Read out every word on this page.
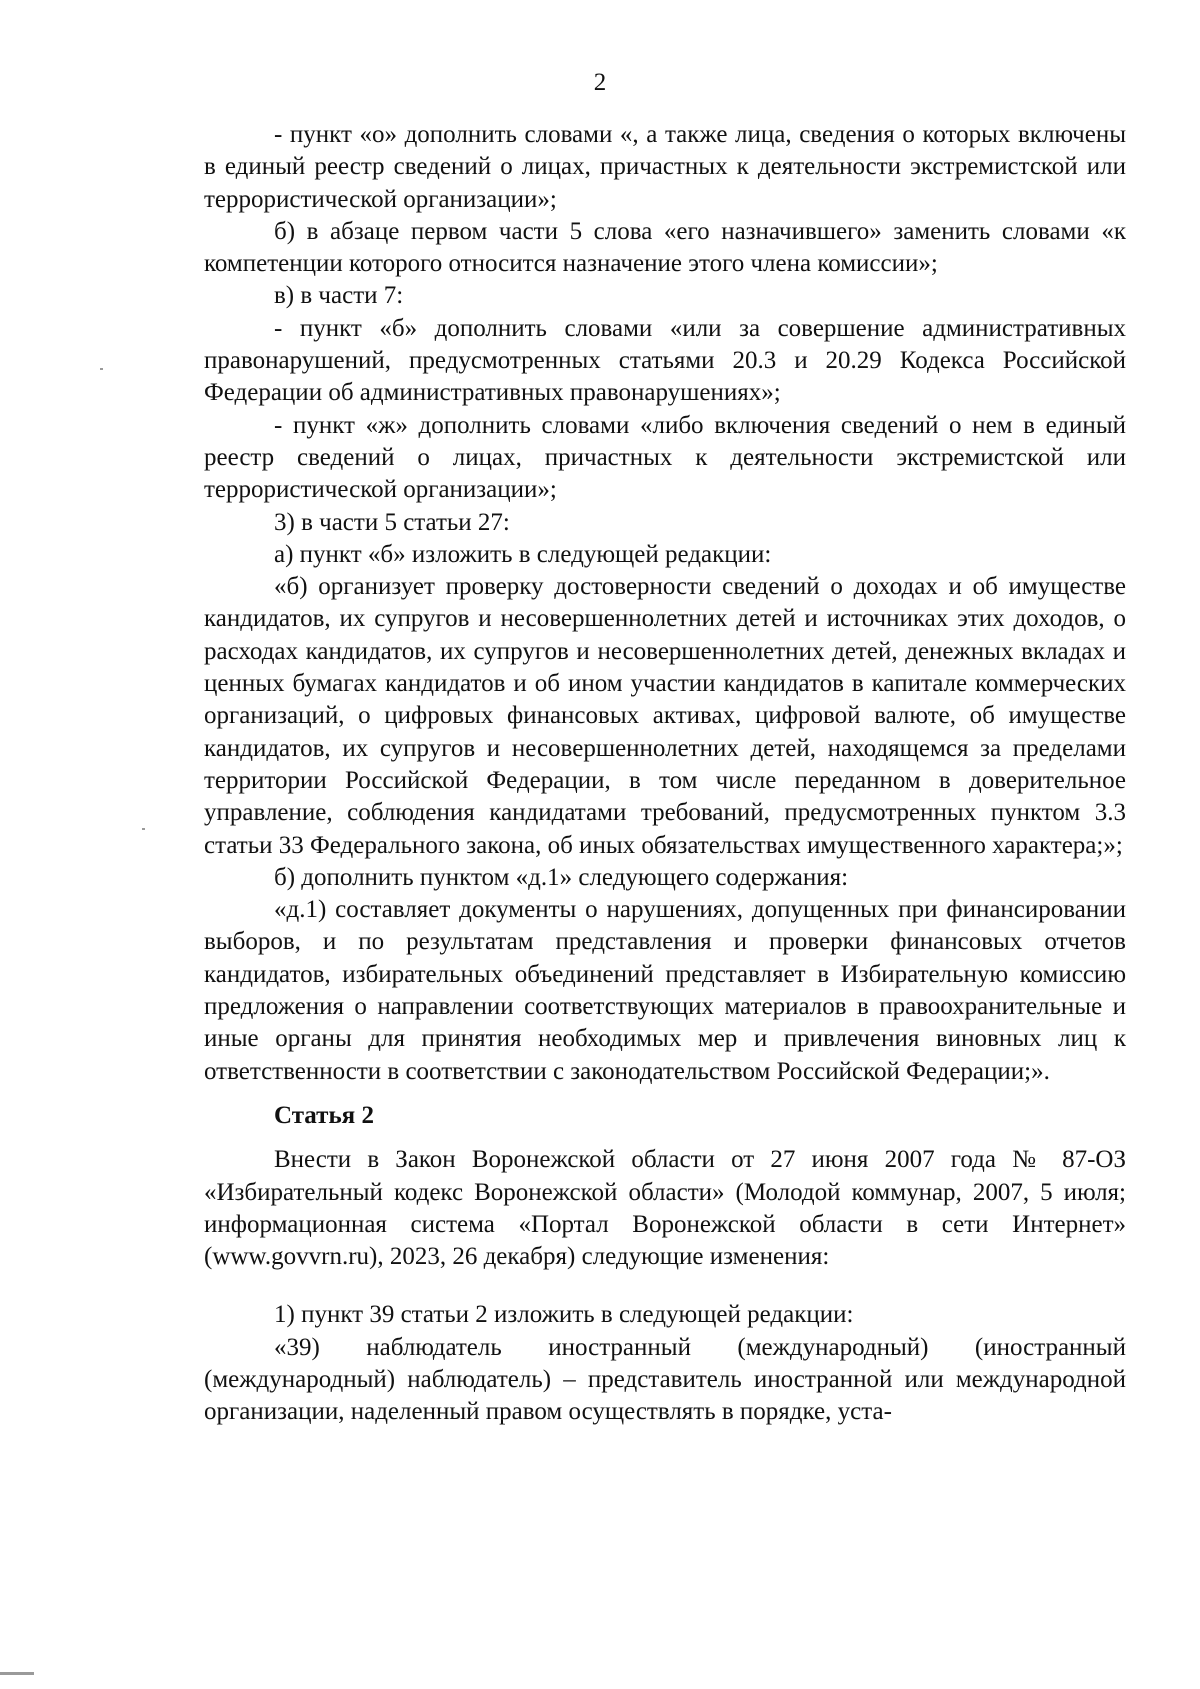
2

- пункт «о» дополнить словами «, а также лица, сведения о которых включены в единый реестр сведений о лицах, причастных к деятельности экстремистской или террористической организации»;

б) в абзаце первом части 5 слова «его назначившего» заменить словами «к компетенции которого относится назначение этого члена комиссии»;

в) в части 7:

- пункт «б» дополнить словами «или за совершение административных правонарушений, предусмотренных статьями 20.3 и 20.29 Кодекса Российской Федерации об административных правонарушениях»;

- пункт «ж» дополнить словами «либо включения сведений о нем в единый реестр сведений о лицах, причастных к деятельности экстремистской или террористической организации»;

3) в части 5 статьи 27:

а) пункт «б» изложить в следующей редакции:

«б) организует проверку достоверности сведений о доходах и об имуществе кандидатов, их супругов и несовершеннолетних детей и источниках этих доходов, о расходах кандидатов, их супругов и несовершеннолетних детей, денежных вкладах и ценных бумагах кандидатов и об ином участии кандидатов в капитале коммерческих организаций, о цифровых финансовых активах, цифровой валюте, об имуществе кандидатов, их супругов и несовершеннолетних детей, находящемся за пределами территории Российской Федерации, в том числе переданном в доверительное управление, соблюдения кандидатами требований, предусмотренных пунктом 3.3 статьи 33 Федерального закона, об иных обязательствах имущественного характера;»;

б) дополнить пунктом «д.1» следующего содержания:

«д.1) составляет документы о нарушениях, допущенных при финансировании выборов, и по результатам представления и проверки финансовых отчетов кандидатов, избирательных объединений представляет в Избирательную комиссию предложения о направлении соответствующих материалов в правоохранительные и иные органы для принятия необходимых мер и привлечения виновных лиц к ответственности в соответствии с законодательством Российской Федерации;».

Статья 2

Внести в Закон Воронежской области от 27 июня 2007 года № 87-ОЗ «Избирательный кодекс Воронежской области» (Молодой коммунар, 2007, 5 июля; информационная система «Портал Воронежской области в сети Интернет» (www.govvrn.ru), 2023, 26 декабря) следующие изменения:

1) пункт 39 статьи 2 изложить в следующей редакции:

«39) наблюдатель иностранный (международный) (иностранный (международный) наблюдатель) – представитель иностранной или международной организации, наделенный правом осуществлять в порядке, уста-
